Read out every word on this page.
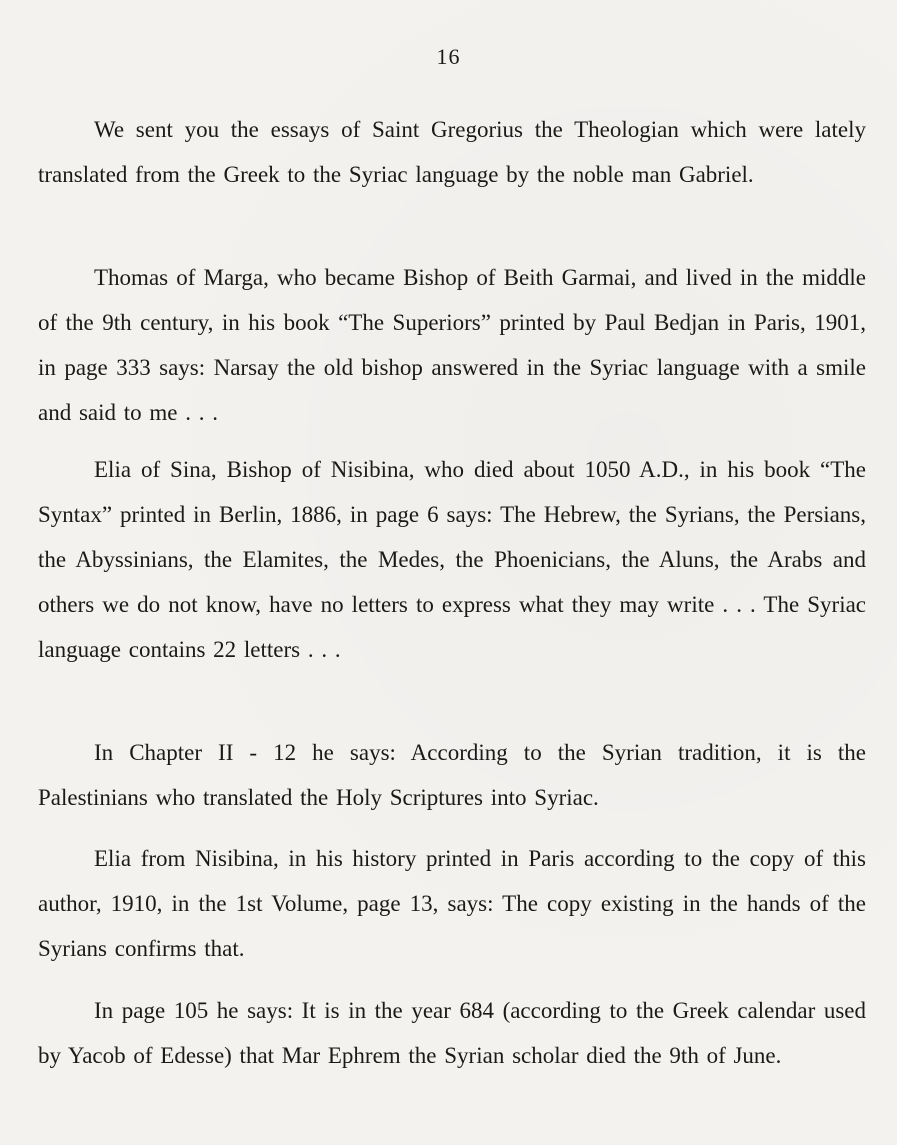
16

We sent you the essays of Saint Gregorius the Theologian which were lately translated from the Greek to the Syriac language by the noble man Gabriel.

Thomas of Marga, who became Bishop of Beith Garmai, and lived in the middle of the 9th century, in his book “The Superiors” printed by Paul Bedjan in Paris, 1901, in page 333 says: Narsay the old bishop answered in the Syriac language with a smile and said to me . . .

Elia of Sina, Bishop of Nisibina, who died about 1050 A.D., in his book “The Syntax” printed in Berlin, 1886, in page 6 says: The Hebrew, the Syrians, the Persians, the Abyssinians, the Elamites, the Medes, the Phoenicians, the Aluns, the Arabs and others we do not know, have no letters to express what they may write . . . The Syriac language contains 22 letters . . .

In Chapter II - 12 he says: According to the Syrian tradition, it is the Palestinians who translated the Holy Scriptures into Syriac.

Elia from Nisibina, in his history printed in Paris according to the copy of this author, 1910, in the 1st Volume, page 13, says: The copy existing in the hands of the Syrians confirms that.

In page 105 he says: It is in the year 684 (according to the Greek calendar used by Yacob of Edesse) that Mar Ephrem the Syrian scholar died the 9th of June.
